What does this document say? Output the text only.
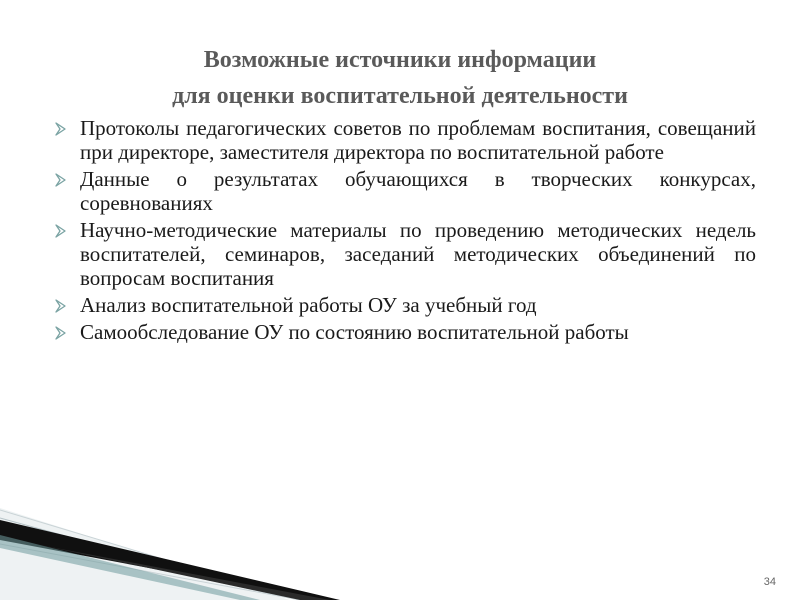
Возможные источники информации
для оценки воспитательной деятельности
Протоколы педагогических советов по проблемам воспитания, совещаний при директоре, заместителя директора по воспитательной работе
Данные о результатах обучающихся в творческих конкурсах, соревнованиях
Научно-методические материалы по проведению методических недель воспитателей, семинаров, заседаний методических объединений по вопросам воспитания
Анализ воспитательной работы ОУ за учебный год
Самообследование ОУ по состоянию воспитательной работы
34
